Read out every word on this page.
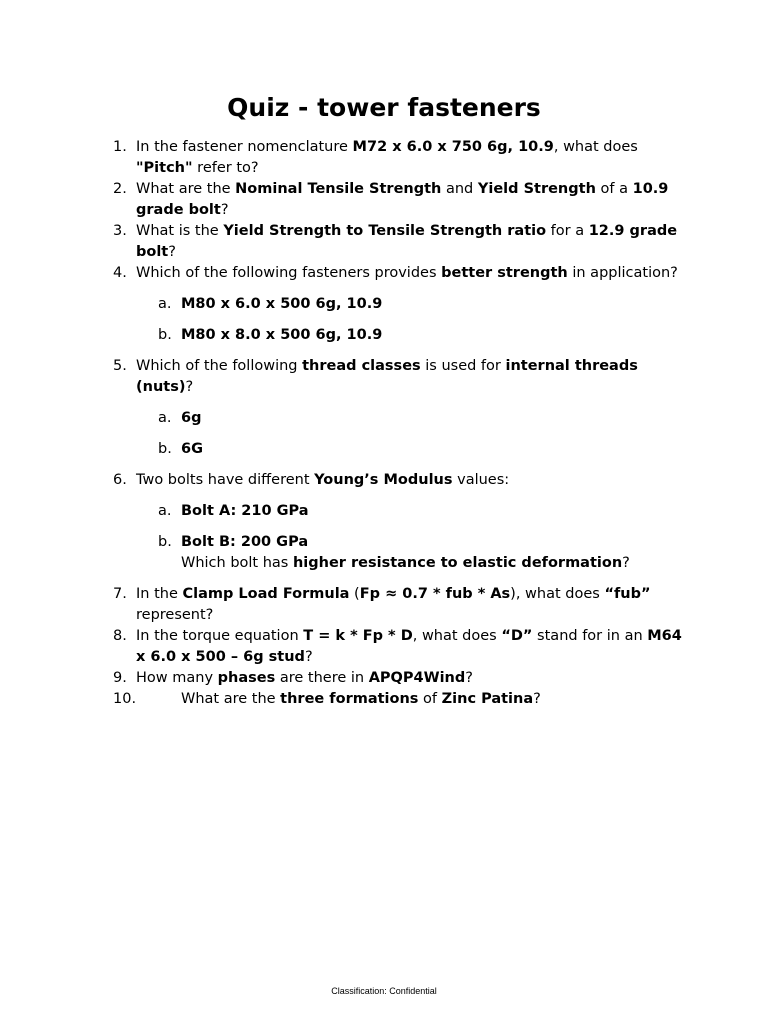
Quiz - tower fasteners
1. In the fastener nomenclature M72 x 6.0 x 750 6g, 10.9, what does "Pitch" refer to?
2. What are the Nominal Tensile Strength and Yield Strength of a 10.9 grade bolt?
3. What is the Yield Strength to Tensile Strength ratio for a 12.9 grade bolt?
4. Which of the following fasteners provides better strength in application?
a. M80 x 6.0 x 500 6g, 10.9
b. M80 x 8.0 x 500 6g, 10.9
5. Which of the following thread classes is used for internal threads (nuts)?
a. 6g
b. 6G
6. Two bolts have different Young’s Modulus values:
a. Bolt A: 210 GPa
b. Bolt B: 200 GPa
Which bolt has higher resistance to elastic deformation?
7. In the Clamp Load Formula (Fp ≈ 0.7 * fub * As), what does “fub” represent?
8. In the torque equation T = k * Fp * D, what does “D” stand for in an M64 x 6.0 x 500 – 6g stud?
9. How many phases are there in APQP4Wind?
10.	What are the three formations of Zinc Patina?
Classification: Confidential
